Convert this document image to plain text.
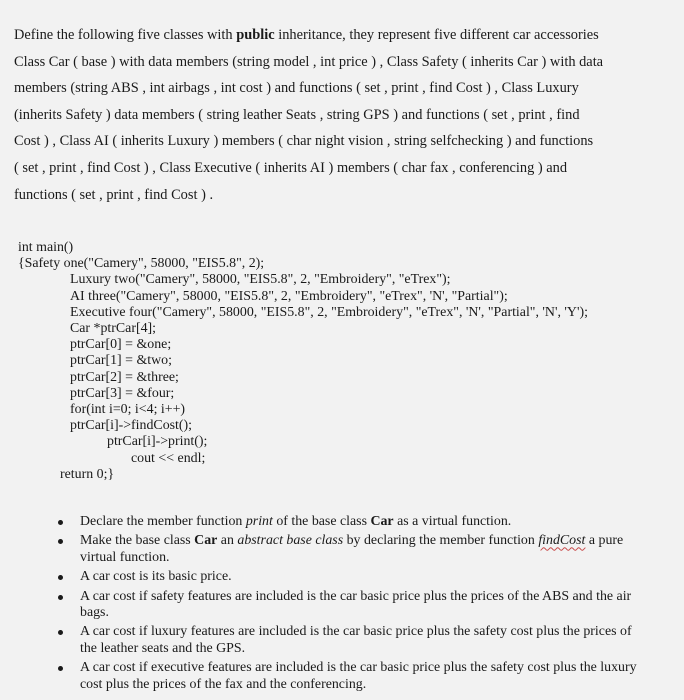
Define the following five classes with public inheritance, they represent five different car accessories
Class Car ( base ) with data members (string model , int price ) , Class Safety ( inherits Car ) with data
members (string ABS , int airbags , int cost ) and functions ( set , print , find Cost ) , Class Luxury
(inherits Safety ) data members ( string leather Seats , string GPS ) and functions ( set , print , find
Cost ) , Class AI ( inherits Luxury ) members ( char night vision , string selfchecking ) and functions
( set , print , find Cost ) , Class Executive ( inherits AI ) members ( char fax , conferencing ) and
functions ( set , print , find Cost ) .
int main()
{Safety one("Camery", 58000, "EIS5.8", 2);
Luxury two("Camery", 58000, "EIS5.8", 2, "Embroidery", "eTrex");
AI three("Camery", 58000, "EIS5.8", 2, "Embroidery", "eTrex", 'N', "Partial");
Executive four("Camery", 58000, "EIS5.8", 2, "Embroidery", "eTrex", 'N', "Partial", 'N', 'Y');
Car *ptrCar[4];
ptrCar[0] = &one;
ptrCar[1] = &two;
ptrCar[2] = &three;
ptrCar[3] = &four;
for(int i=0; i<4; i++)
ptrCar[i]->findCost();
ptrCar[i]->print();
cout << endl;
return 0;}
Declare the member function print of the base class Car as a virtual function.
Make the base class Car an abstract base class by declaring the member function findCost a pure virtual function.
A car cost is its basic price.
A car cost if safety features are included is the car basic price plus the prices of the ABS and the air bags.
A car cost if luxury features are included is the car basic price plus the safety cost plus the prices of the leather seats and the GPS.
A car cost if executive features are included is the car basic price plus the safety cost plus the luxury cost plus the prices of the fax and the conferencing.
